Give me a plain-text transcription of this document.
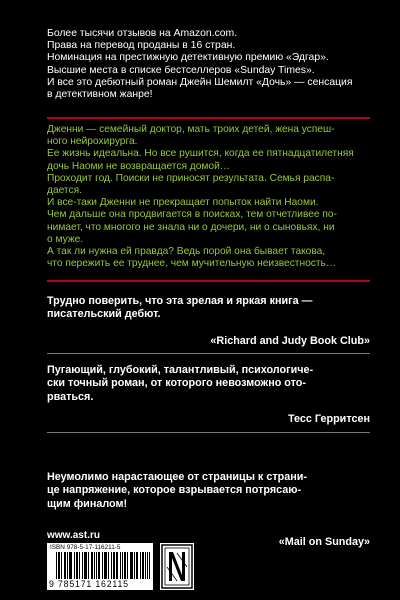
Более тысячи отзывов на Amazon.com.

Права на перевод проданы в 16 стран.

Номинация на престижную детективную премию «Эдгар».

Высшие места в списке бестселлеров «Sunday Times».

И все это дебютный роман Джейн Шемилт «Дочь» — сенсация

в детективном жанре!

Дженни — семейный доктор, мать троих детей, жена успеш-

ного нейрохирурга.

Ее жизнь идеальна. Но все рушится, когда ее пятнадцатилетняя

дочь Наоми не возвращается домой…

Проходит год. Поиски не приносят результата. Семья распа-

дается.

И все-таки Дженни не прекращает попыток найти Наоми.

Чем дальше она продвигается в поисках, тем отчетливее по-

нимает, что многого не знала ни о дочери, ни о сыновьях, ни

о муже.

А так ли нужна ей правда? Ведь порой она бывает такова,

что пережить ее труднее, чем мучительную неизвестность…

Трудно поверить, что эта зрелая и яркая книга —

писательский дебют.

«Richard and Judy Book Club»

Пугающий, глубокий, талантливый, психологиче-

ски точный роман, от которого невозможно ото-

рваться.

Тесс Герритсен

Неумолимо нарастающее от страницы к страни-

це напряжение, которое взрывается потрясаю-

щим финалом!

«Mail on Sunday»
www.ast.ru
ISBN 978-5-17-116211-5
9 785171 162115
